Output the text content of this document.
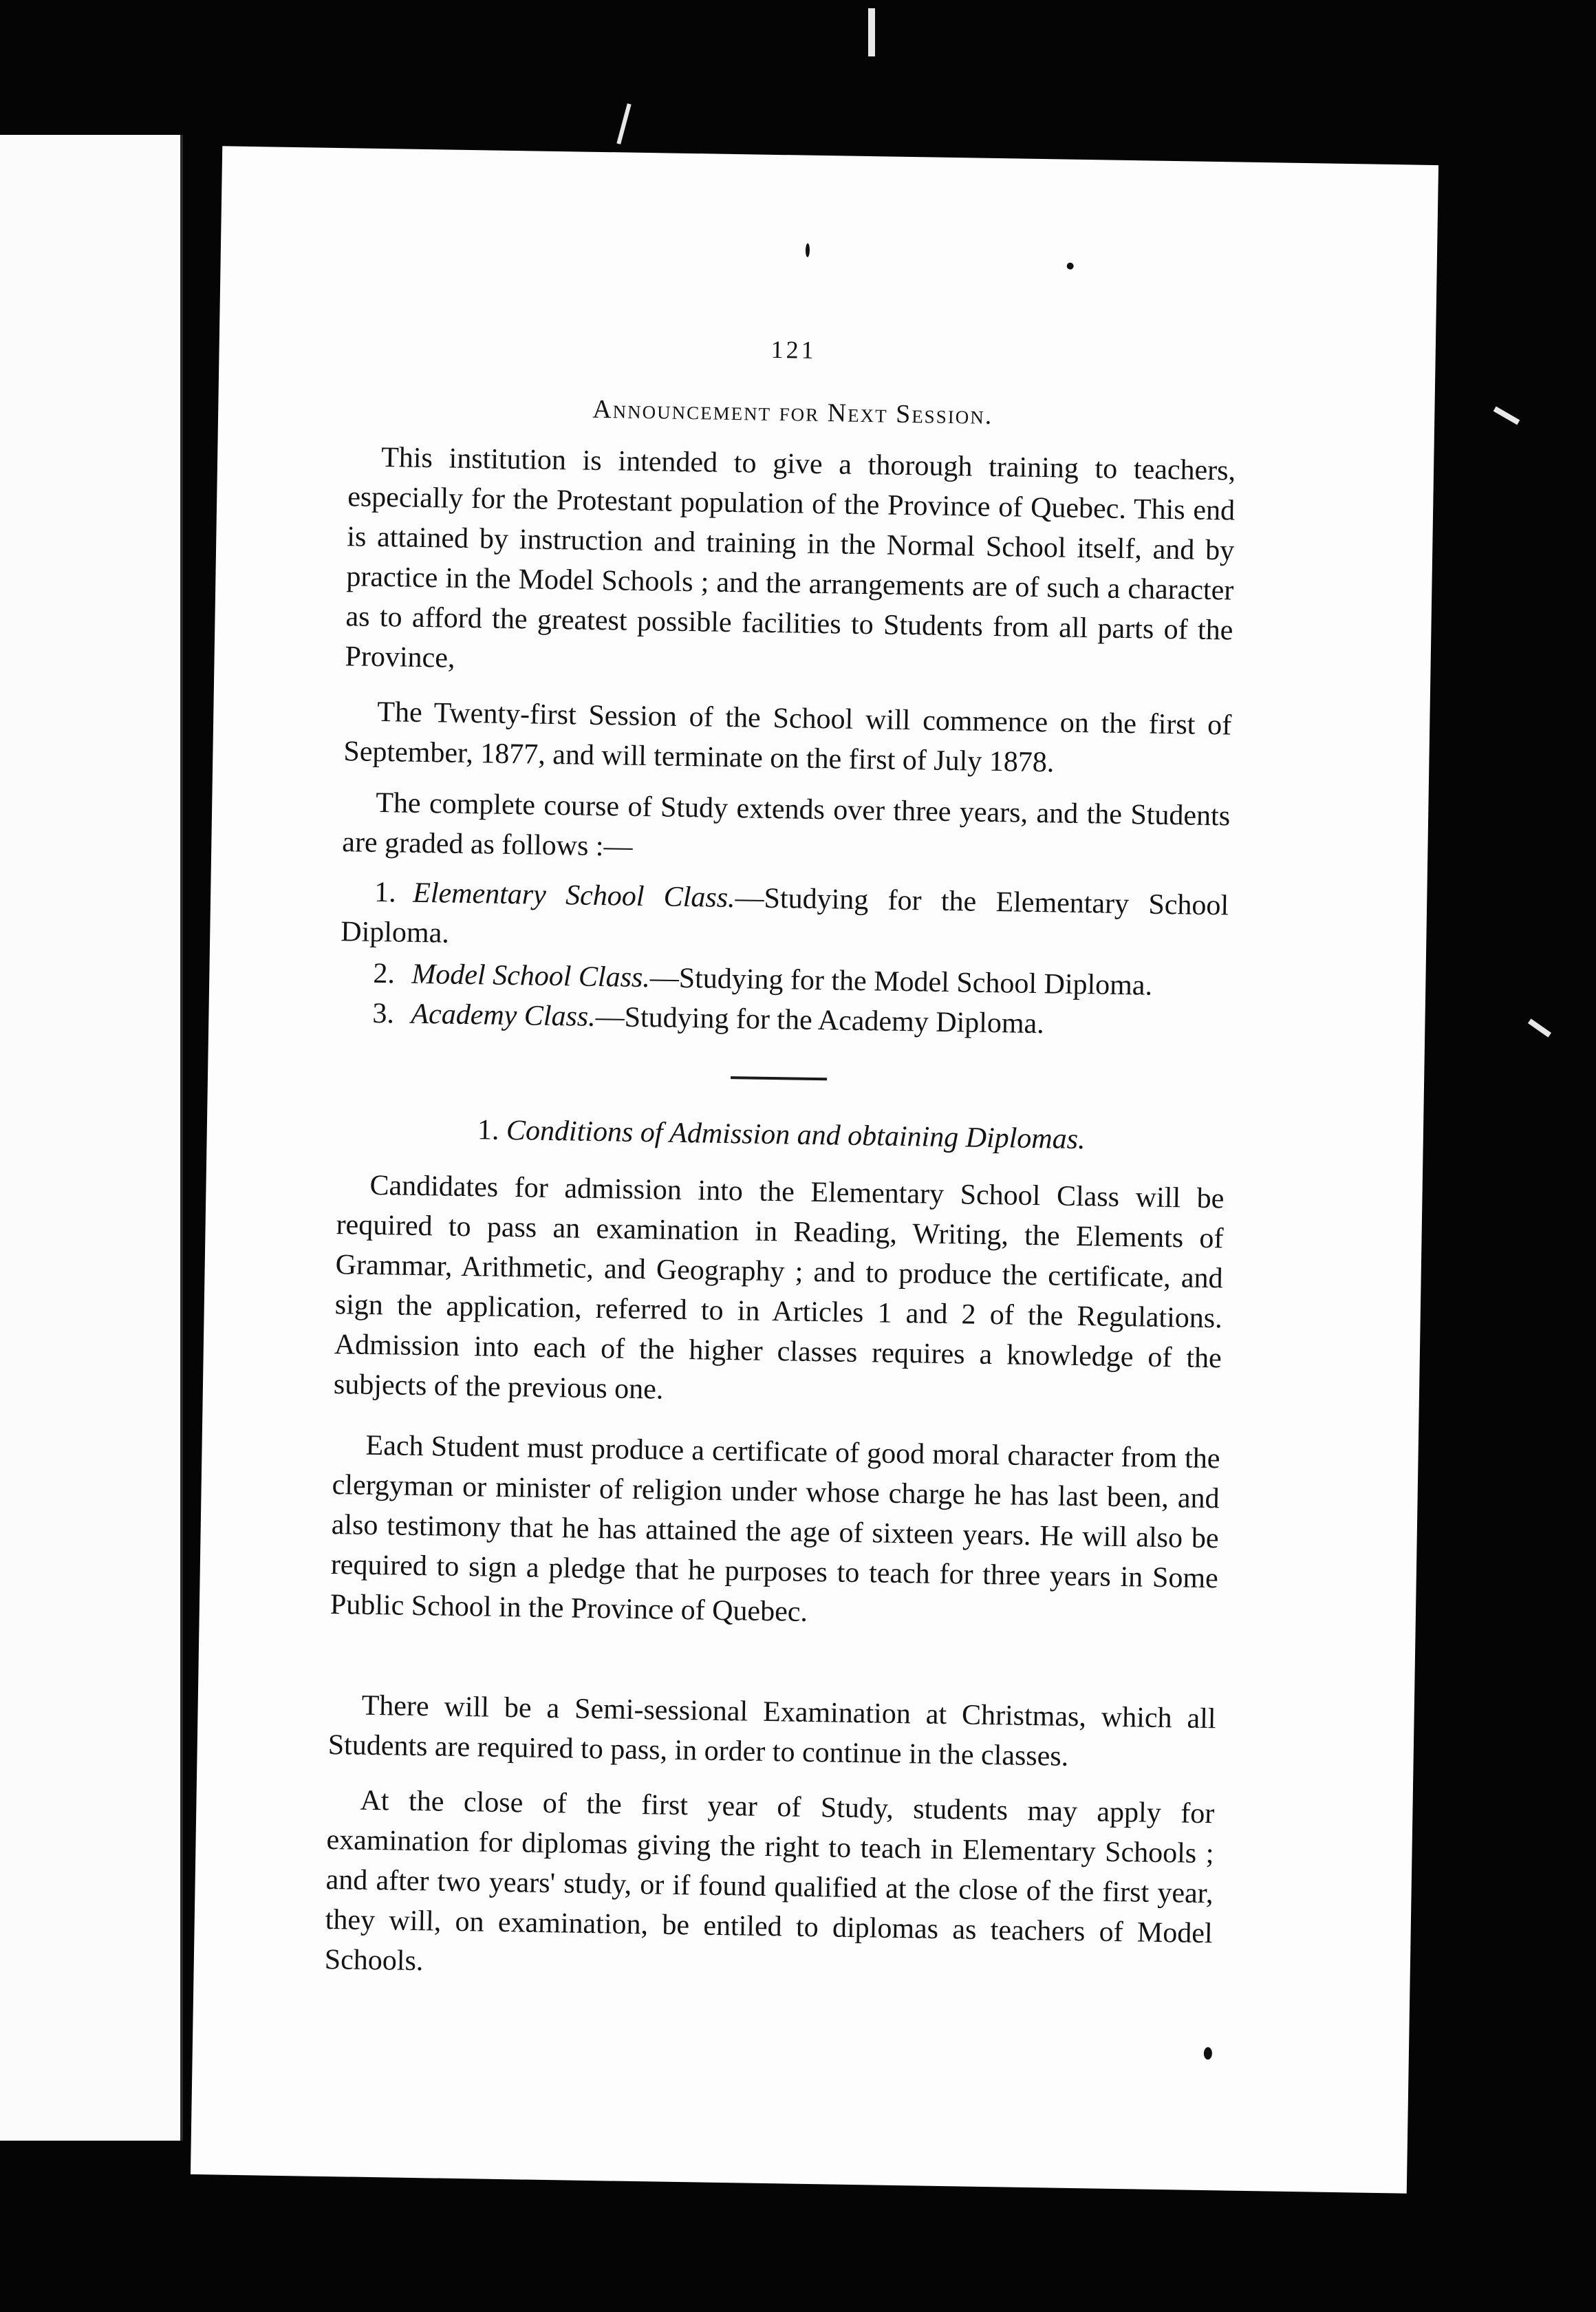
121
Announcement for Next Session.

This institution is intended to give a thorough training to teachers, especially for the Protestant population of the Province of Quebec. This end is attained by instruction and training in the Normal School itself, and by practice in the Model Schools ; and the arrangements are of such a character as to afford the greatest possible facilities to Students from all parts of the Province,

The Twenty-first Session of the School will commence on the first of September, 1877, and will terminate on the first of July 1878.

The complete course of Study extends over three years, and the Students are graded as follows :—

1. Elementary School Class.—Studying for the Elementary School Diploma.

2. Model School Class.—Studying for the Model School Diploma.

3. Academy Class.—Studying for the Academy Diploma.

1. Conditions of Admission and obtaining Diplomas.

Candidates for admission into the Elementary School Class will be required to pass an examination in Reading, Writing, the Elements of Grammar, Arithmetic, and Geography ; and to produce the certificate, and sign the application, referred to in Articles 1 and 2 of the Regulations. Admission into each of the higher classes requires a knowledge of the subjects of the previous one.

Each Student must produce a certificate of good moral character from the clergyman or minister of religion under whose charge he has last been, and also testimony that he has attained the age of sixteen years. He will also be required to sign a pledge that he purposes to teach for three years in Some Public School in the Province of Quebec.

There will be a Semi-sessional Examination at Christmas, which all Students are required to pass, in order to continue in the classes.

At the close of the first year of Study, students may apply for examination for diplomas giving the right to teach in Elementary Schools ; and after two years' study, or if found qualified at the close of the first year, they will, on examination, be entiled to diplomas as teachers of Model Schools.
